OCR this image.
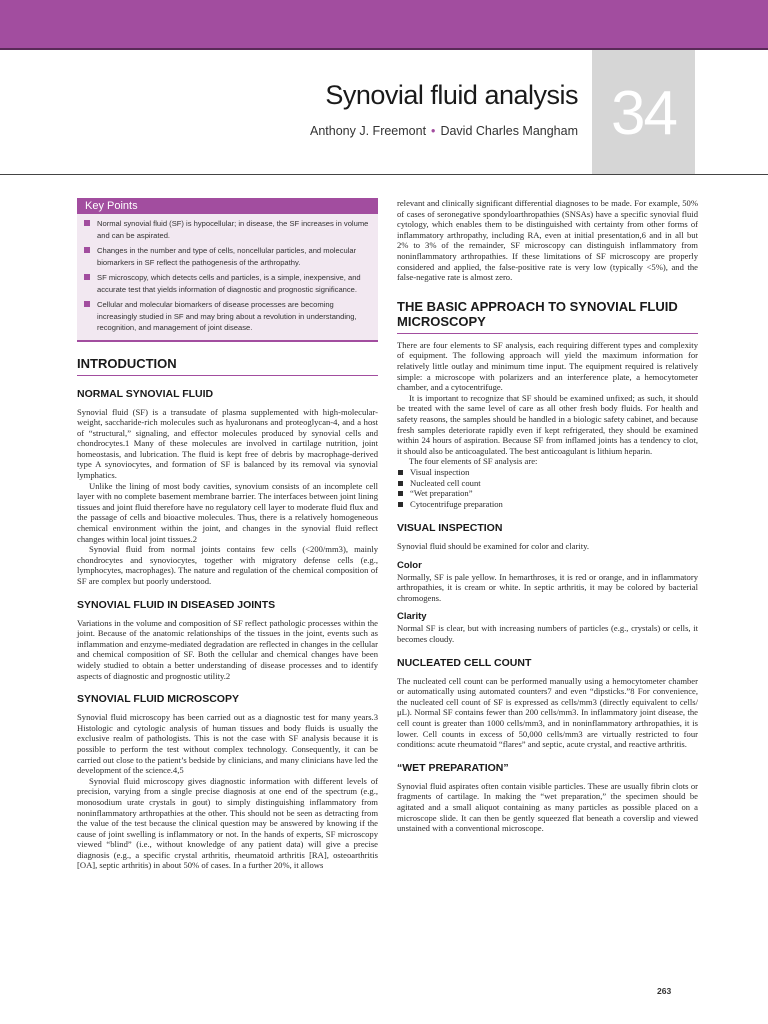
34
Synovial fluid analysis
Anthony J. Freemont • David Charles Mangham
Key Points
Normal synovial fluid (SF) is hypocellular; in disease, the SF increases in volume and can be aspirated.
Changes in the number and type of cells, noncellular particles, and molecular biomarkers in SF reflect the pathogenesis of the arthropathy.
SF microscopy, which detects cells and particles, is a simple, inexpensive, and accurate test that yields information of diagnostic and prognostic significance.
Cellular and molecular biomarkers of disease processes are becoming increasingly studied in SF and may bring about a revolution in understanding, recognition, and management of joint disease.
INTRODUCTION
NORMAL SYNOVIAL FLUID

Synovial fluid (SF) is a transudate of plasma supplemented with high-molecular-weight, saccharide-rich molecules such as hyaluronans and proteoglycan-4, and a host of “structural,” signaling, and effector molecules produced by synovial cells and chondrocytes.1 Many of these molecules are involved in cartilage nutrition, joint homeostasis, and lubrication. The fluid is kept free of debris by macrophage-derived type A synoviocytes, and formation of SF is balanced by its removal via synovial lymphatics.

Unlike the lining of most body cavities, synovium consists of an incomplete cell layer with no complete basement membrane barrier. The interfaces between joint lining tissues and joint fluid therefore have no regulatory cell layer to moderate fluid flux and the passage of cells and bioactive molecules. Thus, there is a relatively homogeneous chemical environment within the joint, and changes in the synovial fluid reflect changes within local joint tissues.2

Synovial fluid from normal joints contains few cells (<200/mm3), mainly chondrocytes and synoviocytes, together with migratory defense cells (e.g., lymphocytes, macrophages). The nature and regulation of the chemical composition of SF are complex but poorly understood.

SYNOVIAL FLUID IN DISEASED JOINTS

Variations in the volume and composition of SF reflect pathologic processes within the joint. Because of the anatomic relationships of the tissues in the joint, events such as inflammation and enzyme-mediated degradation are reflected in changes in the cellular and chemical composition of SF. Both the cellular and chemical changes have been widely studied to obtain a better understanding of disease processes and to identify aspects of diagnostic and prognostic utility.2

SYNOVIAL FLUID MICROSCOPY

Synovial fluid microscopy has been carried out as a diagnostic test for many years.3 Histologic and cytologic analysis of human tissues and body fluids is usually the exclusive realm of pathologists. This is not the case with SF analysis because it is possible to perform the test without complex technology. Consequently, it can be carried out close to the patient’s bedside by clinicians, and many clinicians have led the development of the science.4,5

Synovial fluid microscopy gives diagnostic information with different levels of precision, varying from a single precise diagnosis at one end of the spectrum (e.g., monosodium urate crystals in gout) to simply distinguishing inflammatory from noninflammatory arthropathies at the other. This should not be seen as detracting from the value of the test because the clinical question may be answered by knowing if the cause of joint swelling is inflammatory or not. In the hands of experts, SF microscopy viewed “blind” (i.e., without knowledge of any patient data) will give a precise diagnosis (e.g., a specific crystal arthritis, rheumatoid arthritis [RA], osteoarthritis [OA], septic arthritis) in about 50% of cases. In a further 20%, it allows

relevant and clinically significant differential diagnoses to be made. For example, 50% of cases of seronegative spondyloarthropathies (SNSAs) have a specific synovial fluid cytology, which enables them to be distinguished with certainty from other forms of inflammatory arthropathy, including RA, even at initial presentation,6 and in all but 2% to 3% of the remainder, SF microscopy can distinguish inflammatory from noninflammatory arthropathies. If these limitations of SF microscopy are properly considered and applied, the false-positive rate is very low (typically <5%), and the false-negative rate is almost zero.

THE BASIC APPROACH TO SYNOVIAL FLUID MICROSCOPY

There are four elements to SF analysis, each requiring different types and complexity of equipment. The following approach will yield the maximum information for relatively little outlay and minimum time input. The equipment required is relatively simple: a microscope with polarizers and an interference plate, a hemocytometer chamber, and a cytocentrifuge.

It is important to recognize that SF should be examined unfixed; as such, it should be treated with the same level of care as all other fresh body fluids. For health and safety reasons, the samples should be handled in a biologic safety cabinet, and because fresh samples deteriorate rapidly even if kept refrigerated, they should be examined within 24 hours of aspiration. Because SF from inflamed joints has a tendency to clot, it should also be anticoagulated. The best anticoagulant is lithium heparin.

The four elements of SF analysis are:

Visual inspection
Nucleated cell count
“Wet preparation”
Cytocentrifuge preparation
VISUAL INSPECTION

Synovial fluid should be examined for color and clarity.

Color

Normally, SF is pale yellow. In hemarthroses, it is red or orange, and in inflammatory arthropathies, it is cream or white. In septic arthritis, it may be colored by bacterial chromogens.

Clarity

Normal SF is clear, but with increasing numbers of particles (e.g., crystals) or cells, it becomes cloudy.

NUCLEATED CELL COUNT

The nucleated cell count can be performed manually using a hemocytometer chamber or automatically using automated counters7 and even “dipsticks.”8 For convenience, the nucleated cell count of SF is expressed as cells/mm3 (directly equivalent to cells/μL). Normal SF contains fewer than 200 cells/mm3. In inflammatory joint disease, the cell count is greater than 1000 cells/mm3, and in noninflammatory arthropathies, it is lower. Cell counts in excess of 50,000 cells/mm3 are virtually restricted to four conditions: acute rheumatoid “flares” and septic, acute crystal, and reactive arthritis.

“WET PREPARATION”

Synovial fluid aspirates often contain visible particles. These are usually fibrin clots or fragments of cartilage. In making the “wet preparation,” the specimen should be agitated and a small aliquot containing as many particles as possible placed on a microscope slide. It can then be gently squeezed flat beneath a coverslip and viewed unstained with a conventional microscope.

263
